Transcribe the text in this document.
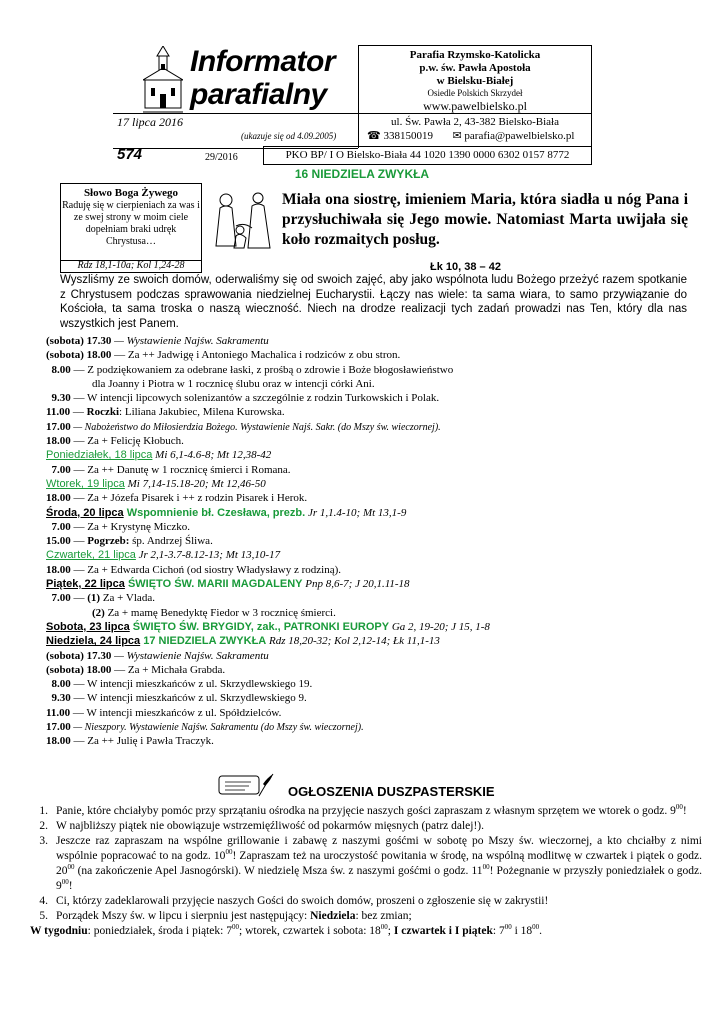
Informator
parafialny
17 lipca 2016
(ukazuje się od 4.09.2005)
574	29/2016
Parafia Rzymsko-Katolicka
p.w. św. Pawła Apostoła
w Bielsku-Białej
Osiedle Polskich Skrzydeł
www.pawelbielsko.pl
ul. Św. Pawła 2, 43-382 Bielsko-Biała
☎ 338150019 ✉ parafia@pawelbielsko.pl
PKO BP/ I O Bielsko-Biała 44 1020 1390 0000 6302 0157 8772
16 NIEDZIELA ZWYKŁA
Słowo Boga Żywego
Raduję się w cierpieniach za was i ze swej strony w moim ciele dopełniam braki udręk Chrystusa…
Rdz 18,1-10a; Kol 1,24-28
Miała ona siostrę, imieniem Maria, która siadła u nóg Pana i przysłuchiwała się Jego mowie. Natomiast Marta uwijała się koło rozmaitych posług.
Łk 10, 38 – 42
Wyszliśmy ze swoich domów, oderwaliśmy się od swoich zajęć, aby jako wspólnota ludu Bożego przeżyć razem spotkanie z Chrystusem podczas sprawowania niedzielnej Eucharystii. Łączy nas wiele: ta sama wiara, to samo przywiązanie do Kościoła, ta sama troska o naszą wieczność. Niech na drodze realizacji tych zadań prowadzi nas Ten, który dla nas wszystkich jest Panem.
(sobota) 17.30 — Wystawienie Najśw. Sakramentu
(sobota) 18.00 — Za ++ Jadwigę i Antoniego Machalica i rodziców z obu stron.
8.00 — Z podziękowaniem za odebrane łaski, z prośbą o zdrowie i Boże błogosławieństwo
dla Joanny i Piotra w 1 rocznicę ślubu oraz w intencji córki Ani.
9.30 — W intencji lipcowych solenizantów a szczególnie z rodzin Turkowskich i Polak.
11.00 — Roczki: Liliana Jakubiec, Milena Kurowska.
17.00 — Nabożeństwo do Miłosierdzia Bożego. Wystawienie Najś. Sakr. (do Mszy św. wieczornej).
18.00 — Za + Felicję Kłobuch.
Poniedziałek, 18 lipca Mi 6,1-4.6-8; Mt 12,38-42
7.00 — Za ++ Danutę w 1 rocznicę śmierci i Romana.
Wtorek, 19 lipca Mi 7,14-15.18-20; Mt 12,46-50
18.00 — Za + Józefa Pisarek i ++ z rodzin Pisarek i Herok.
Środa, 20 lipca Wspomnienie bł. Czesława, prezb. Jr 1,1.4-10; Mt 13,1-9
7.00 — Za + Krystynę Miczko.
15.00 — Pogrzeb: śp. Andrzej Śliwa.
Czwartek, 21 lipca Jr 2,1-3.7-8.12-13; Mt 13,10-17
18.00 — Za + Edwarda Cichoń (od siostry Władysławy z rodziną).
Piątek, 22 lipca ŚWIĘTO ŚW. MARII MAGDALENY Pnp 8,6-7; J 20,1.11-18
7.00 — (1) Za + Vlada.
(2) Za + mamę Benedyktę Fiedor w 3 rocznicę śmierci.
Sobota, 23 lipca ŚWIĘTO ŚW. BRYGIDY, zak., PATRONKI EUROPY Ga 2, 19-20; J 15, 1-8
Niedziela, 24 lipca 17 NIEDZIELA ZWYKŁA Rdz 18,20-32; Kol 2,12-14; Łk 11,1-13
(sobota) 17.30 — Wystawienie Najśw. Sakramentu
(sobota) 18.00 — Za + Michała Grabda.
8.00 — W intencji mieszkańców z ul. Skrzydlewskiego 19.
9.30 — W intencji mieszkańców z ul. Skrzydlewskiego 9.
11.00 — W intencji mieszkańców z ul. Spółdzielców.
17.00 — Nieszpory. Wystawienie Najśw. Sakramentu (do Mszy św. wieczornej).
18.00 — Za ++ Julię i Pawła Traczyk.
OGŁOSZENIA DUSZPASTERSKIE
1. Panie, które chciałyby pomóc przy sprzątaniu ośrodka na przyjęcie naszych gości zapraszam z własnym sprzętem we wtorek o godz. $9^{00}$!
2. W najbliższy piątek nie obowiązuje wstrzemięźliwość od pokarmów mięsnych (patrz dalej!).
3. Jeszcze raz zapraszam na wspólne grillowanie i zabawę z naszymi gośćmi w sobotę po Mszy św. wieczornej, a kto chciałby z nimi wspólnie popracować to na godz. $10^{00}$! Zapraszam też na uroczystość powitania w środę, na wspólną modlitwę w czwartek i piątek o godz. $20^{00}$ (na zakończenie Apel Jasnogórski). W niedzielę Msza św. z naszymi gośćmi o godz. $11^{00}$! Pożegnanie w przyszły poniedziałek o godz. $9^{00}$!
4. Ci, którzy zadeklarowali przyjęcie naszych Gości do swoich domów, proszeni o zgłoszenie się w zakrystii!
5. Porządek Mszy św. w lipcu i sierpniu jest następujący: Niedziela: bez zmian;
W tygodniu: poniedziałek, środa i piątek: $7^{00}$; wtorek, czwartek i sobota: $18^{00}$; I czwartek i I piątek: $7^{00}$ i $18^{00}$.
